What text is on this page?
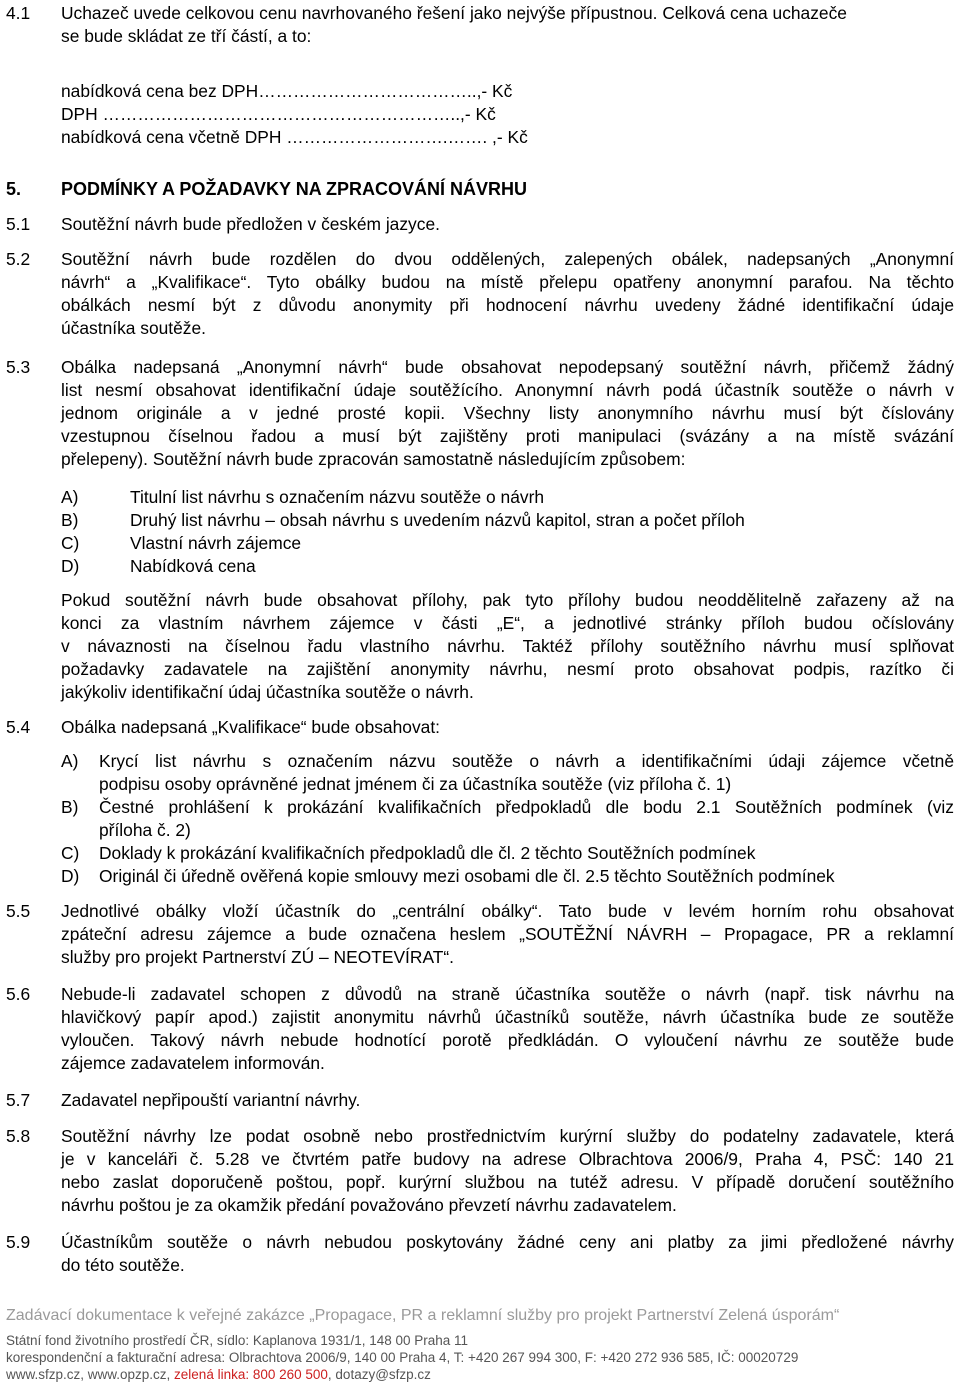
4.1 Uchazeč uvede celkovou cenu navrhovaného řešení jako nejvýše přípustnou. Celková cena uchazeče
se bude skládat ze tří částí, a to:
nabídková cena bez DPH………………………………..,- Kč
DPH ……………………………………………………..,- Kč
nabídková cena včetně DPH ……………………….……. ,- Kč
5. PODMÍNKY A POŽADAVKY NA ZPRACOVÁNÍ NÁVRHU
5.1 Soutěžní návrh bude předložen v českém jazyce.
5.2 Soutěžní návrh bude rozdělen do dvou oddělených, zalepených obálek, nadepsaných „Anonymní
návrh“ a „Kvalifikace“. Tyto obálky budou na místě přelepu opatřeny anonymní parafou. Na těchto
obálkách nesmí být z důvodu anonymity při hodnocení návrhu uvedeny žádné identifikační údaje
účastníka soutěže.
5.3 Obálka nadepsaná „Anonymní návrh“ bude obsahovat nepodepsaný soutěžní návrh, přičemž žádný
list nesmí obsahovat identifikační údaje soutěžícího. Anonymní návrh podá účastník soutěže o návrh v
jednom originále a v jedné prosté kopii. Všechny listy anonymního návrhu musí být číslovány
vzestupnou číselnou řadou a musí být zajištěny proti manipulaci (svázány a na místě svázání
přelepeny). Soutěžní návrh bude zpracován samostatně následujícím způsobem:
A)	Titulní list návrhu s označením názvu soutěže o návrh
B)	Druhý list návrhu – obsah návrhu s uvedením názvů kapitol, stran a počet příloh
C)	Vlastní návrh zájemce
D)	Nabídková cena
Pokud soutěžní návrh bude obsahovat přílohy, pak tyto přílohy budou neoddělitelně zařazeny až na
konci za vlastním návrhem zájemce v části „E“, a jednotlivé stránky příloh budou očíslovány
v návaznosti na číselnou řadu vlastního návrhu. Taktéž přílohy soutěžního návrhu musí splňovat
požadavky zadavatele na zajištění anonymity návrhu, nesmí proto obsahovat podpis, razítko či
jakýkoliv identifikační údaj účastníka soutěže o návrh.
5.4 Obálka nadepsaná „Kvalifikace“ bude obsahovat:
A) Krycí list návrhu s označením názvu soutěže o návrh a identifikačními údaji zájemce včetně
podpisu osoby oprávněné jednat jménem či za účastníka soutěže (viz příloha č. 1)
B) Čestné prohlášení k prokázání kvalifikačních předpokladů dle bodu 2.1 Soutěžních podmínek (viz
příloha č. 2)
C) Doklady k prokázání kvalifikačních předpokladů dle čl. 2 těchto Soutěžních podmínek
D) Originál či úředně ověřená kopie smlouvy mezi osobami dle čl. 2.5 těchto Soutěžních podmínek
5.5 Jednotlivé obálky vloží účastník do „centrální obálky“. Tato bude v levém horním rohu obsahovat
zpáteční adresu zájemce a bude označena heslem „SOUTĚŽNÍ NÁVRH – Propagace, PR a reklamní
služby pro projekt Partnerství ZÚ – NEOTEVÍRAT“.
5.6 Nebude-li zadavatel schopen z důvodů na straně účastníka soutěže o návrh (např. tisk návrhu na
hlavičkový papír apod.) zajistit anonymitu návrhů účastníků soutěže, návrh účastníka bude ze soutěže
vyloučen. Takový návrh nebude hodnotící porotě předkládán. O vyloučení návrhu ze soutěže bude
zájemce zadavatelem informován.
5.7 Zadavatel nepřipouští variantní návrhy.
5.8 Soutěžní návrhy lze podat osobně nebo prostřednictvím kurýrní služby do podatelny zadavatele, která
je v kanceláři č. 5.28 ve čtvrtém patře budovy na adrese Olbrachtova 2006/9, Praha 4, PSČ: 140 21
nebo zaslat doporučeně poštou, popř. kurýrní službou na tutéž adresu. V případě doručení soutěžního
návrhu poštou je za okamžik předání považováno převzetí návrhu zadavatelem.
5.9 Účastníkům soutěže o návrh nebudou poskytovány žádné ceny ani platby za jimi předložené návrhy
do této soutěže.
Zadávací dokumentace k veřejné zakázce „Propagace, PR a reklamní služby pro projekt Partnerství Zelená úsporám“
Státní fond životního prostředí ČR, sídlo: Kaplanova 1931/1, 148 00 Praha 11
korespondenční a fakturační adresa: Olbrachtova 2006/9, 140 00 Praha 4, T: +420 267 994 300, F: +420 272 936 585, IČ: 00020729
www.sfzp.cz, www.opzp.cz, zelená linka: 800 260 500, dotazy@sfzp.cz
